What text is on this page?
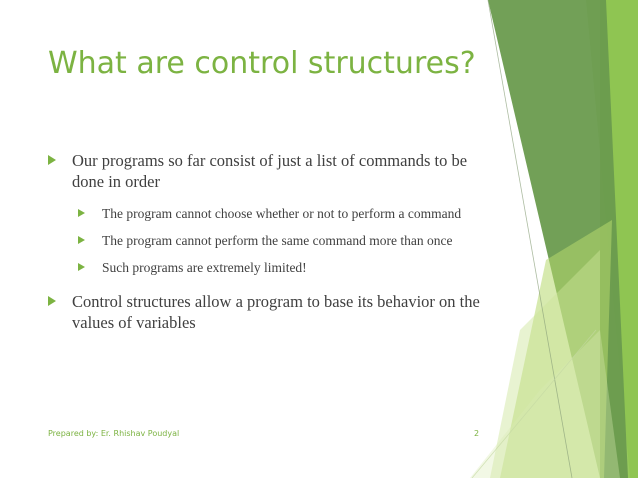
What are control structures?

Our programs so far consist of just a list of commands to be done in order

The program cannot choose whether or not to perform a command

The program cannot perform the same command more than once

Such programs are extremely limited!

Control structures allow a program to base its behavior on the values of variables

Prepared by: Er. Rhishav Poudyal	2
